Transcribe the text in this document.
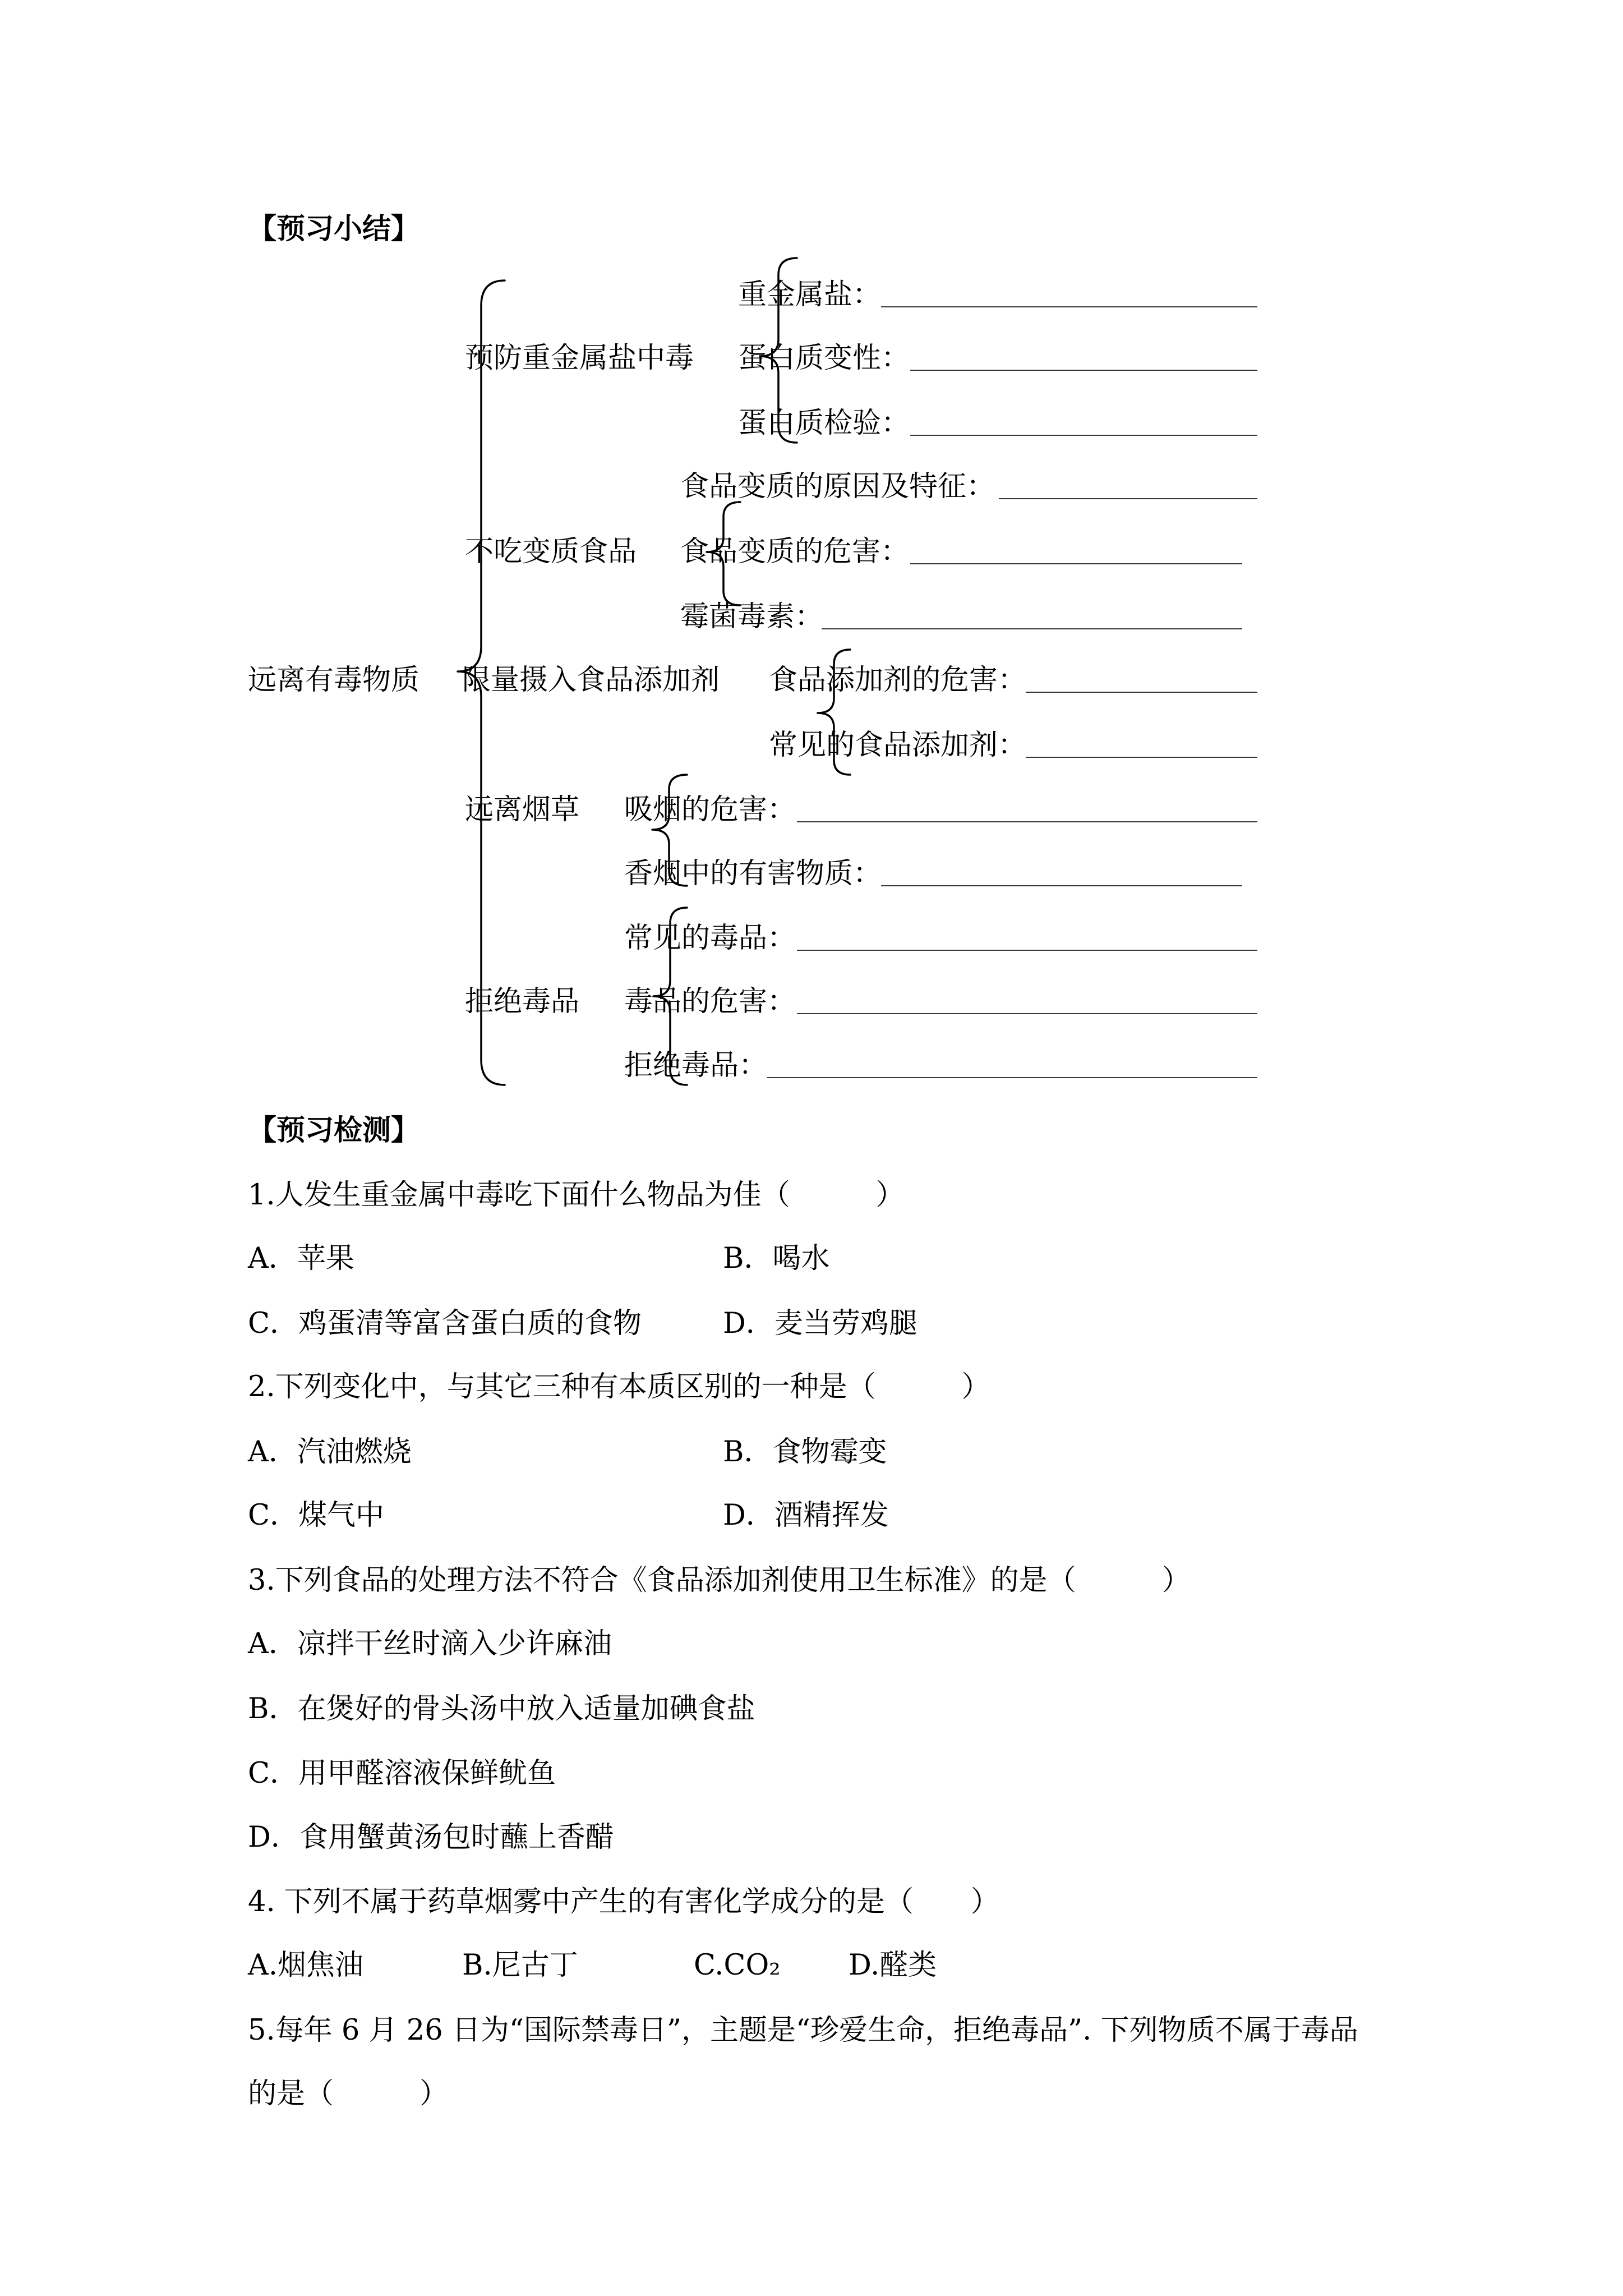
【预习小结】
远离有毒物质
预防重金属盐中毒
不吃变质食品
限量摄入食品添加剂
远离烟草
拒绝毒品
重金属盐：
蛋白质变性：
蛋白质检验：
食品变质的原因及特征：
食品变质的危害：
霉菌毒素：
食品添加剂的危害：
常见的食品添加剂：
吸烟的危害：
香烟中的有害物质：
常见的毒品：
毒品的危害：
拒绝毒品：
【预习检测】
1.人发生重金属中毒吃下面什么物品为佳（　　　）
A．苹果	B．喝水
C．鸡蛋清等富含蛋白质的食物	D．麦当劳鸡腿
2.下列变化中，与其它三种有本质区别的一种是（　　　）
A．汽油燃烧	B．食物霉变
C．煤气中	D．酒精挥发
3.下列食品的处理方法不符合《食品添加剂使用卫生标准》的是（　　　）
A．凉拌干丝时滴入少许麻油
B．在煲好的骨头汤中放入适量加碘食盐
C．用甲醛溶液保鲜鱿鱼
D．食用蟹黄汤包时蘸上香醋
4. 下列不属于药草烟雾中产生的有害化学成分的是（　　）
A.烟焦油	B.尼古丁	C.CO₂ D.醛类
5.每年 6 月 26 日为“国际禁毒日”，主题是“珍爱生命，拒绝毒品”. 下列物质不属于毒品
的是（　　　）
